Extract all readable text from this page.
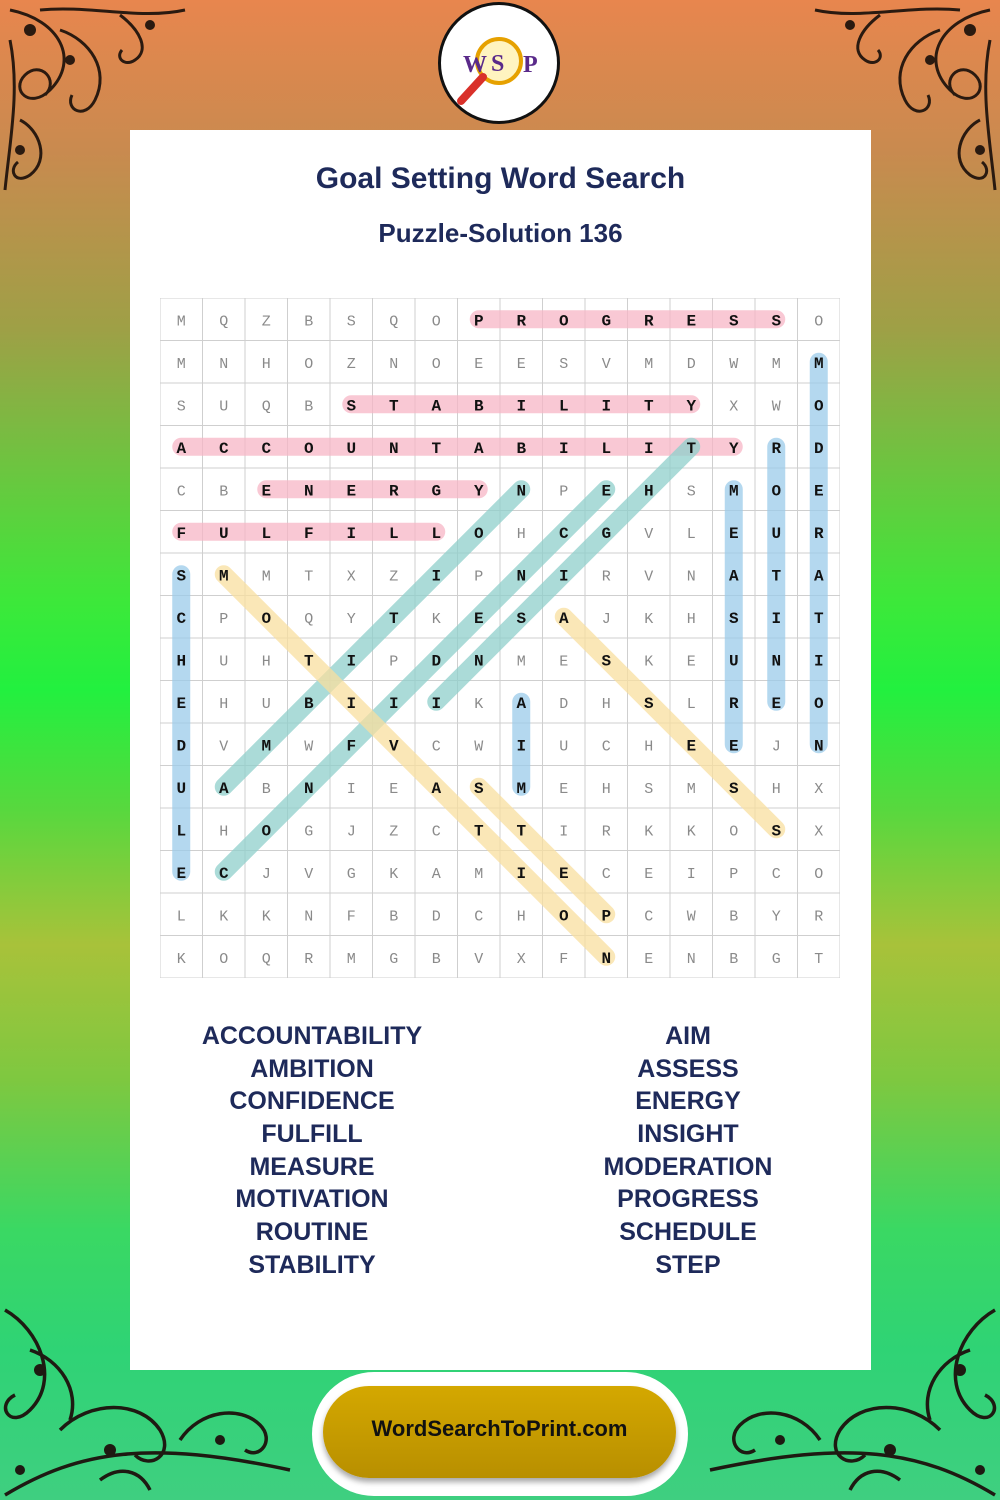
W S P
Goal Setting Word Search
Puzzle-Solution 136
M Q Z B S Q O P R O G R E S S O
M N H O Z N O E E S V M D W M M
S U Q B S T A B I L I T Y X W O
A C C O U N T A B I L I T Y R D
C B E N E R G Y N P E H S M O E
F U L F I L L O H C G V L E U R
S M M T X Z I P N I R V N A T A
C P O Q Y T K E S A J K H S I T
H U H T I P D N M E S K E U N I
E H U B I I I K A D H S L R E O
D V M W F V C W I U C H E E J N
U A B N I E A S M E H S M S H X
L H O G J Z C T T I R K K O S X
E C J V G K A M I E C E I P C O
L K K N F B D C H O P C W B Y R
K O Q R M G B V X F N E N B G T
ACCOUNTABILITY
AMBITION
CONFIDENCE
FULFILL
MEASURE
MOTIVATION
ROUTINE
STABILITY
AIM
ASSESS
ENERGY
INSIGHT
MODERATION
PROGRESS
SCHEDULE
STEP
WordSearchToPrint.com
